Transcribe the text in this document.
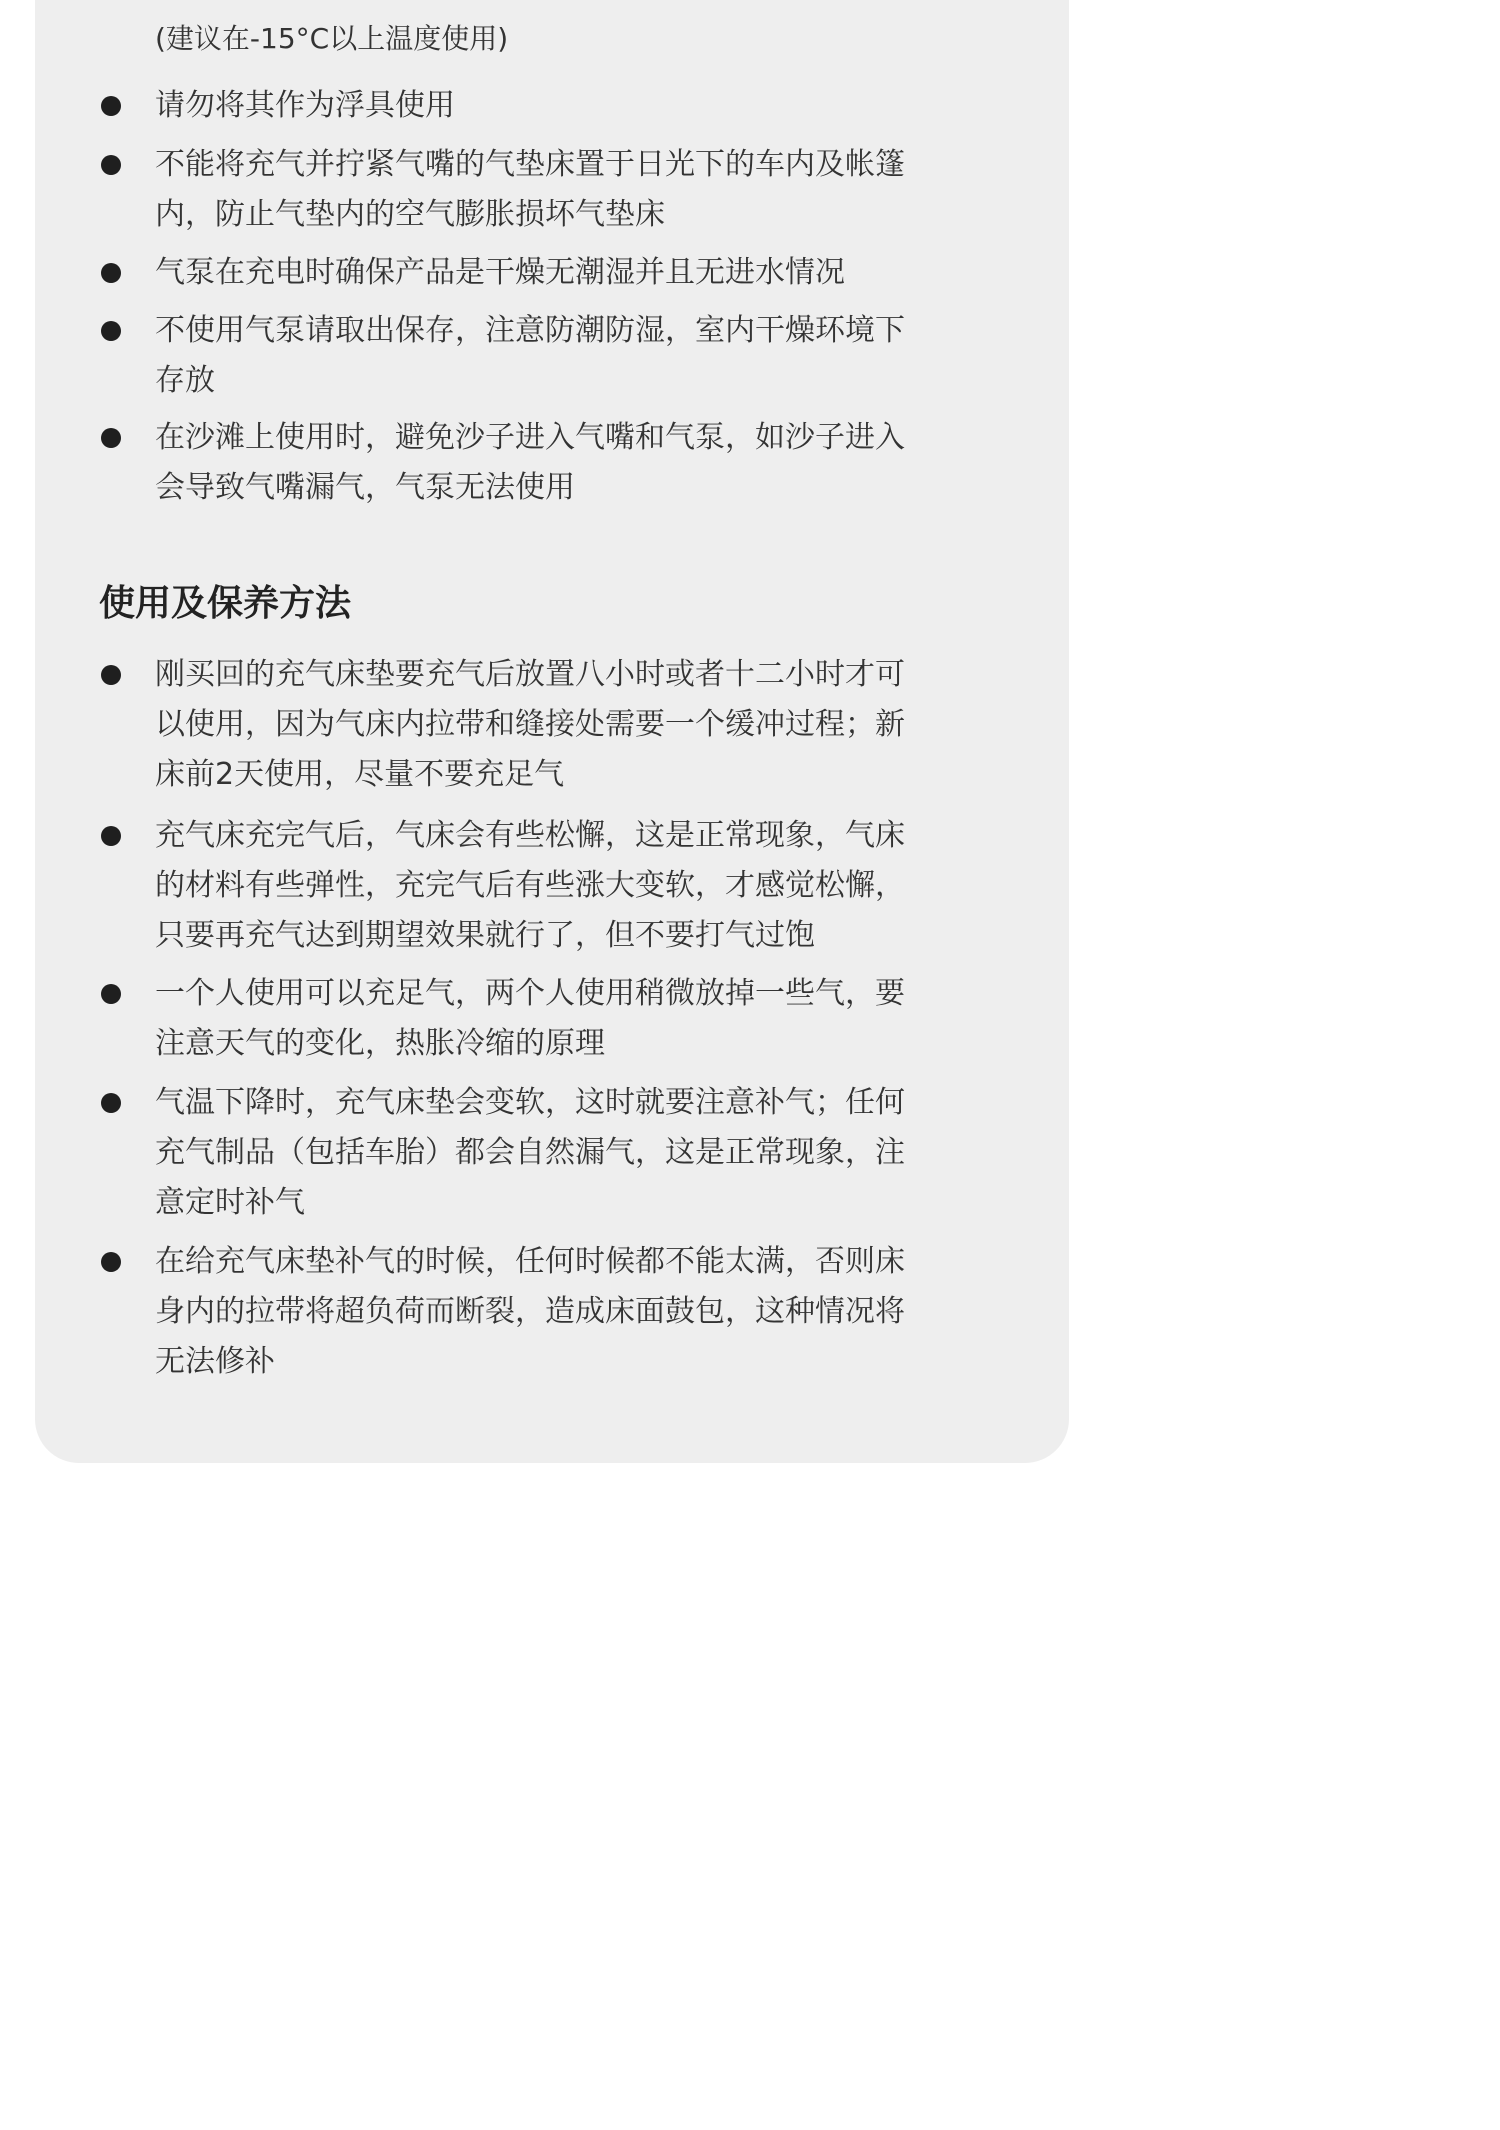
(建议在-15°C以上温度使用)

请勿将其作为浮具使用

不能将充气并拧紧气嘴的气垫床置于日光下的车内及帐篷

内，防止气垫内的空气膨胀损坏气垫床

气泵在充电时确保产品是干燥无潮湿并且无进水情况

不使用气泵请取出保存，注意防潮防湿，室内干燥环境下

存放

在沙滩上使用时，避免沙子进入气嘴和气泵，如沙子进入

会导致气嘴漏气，气泵无法使用

使用及保养方法

刚买回的充气床垫要充气后放置八小时或者十二小时才可

以使用，因为气床内拉带和缝接处需要一个缓冲过程；新

床前2天使用，尽量不要充足气

充气床充完气后，气床会有些松懈，这是正常现象，气床

的材料有些弹性，充完气后有些涨大变软，才感觉松懈，

只要再充气达到期望效果就行了，但不要打气过饱

一个人使用可以充足气，两个人使用稍微放掉一些气，要

注意天气的变化，热胀冷缩的原理

气温下降时，充气床垫会变软，这时就要注意补气；任何

充气制品（包括车胎）都会自然漏气，这是正常现象，注

意定时补气

在给充气床垫补气的时候，任何时候都不能太满，否则床

身内的拉带将超负荷而断裂，造成床面鼓包，这种情况将

无法修补
